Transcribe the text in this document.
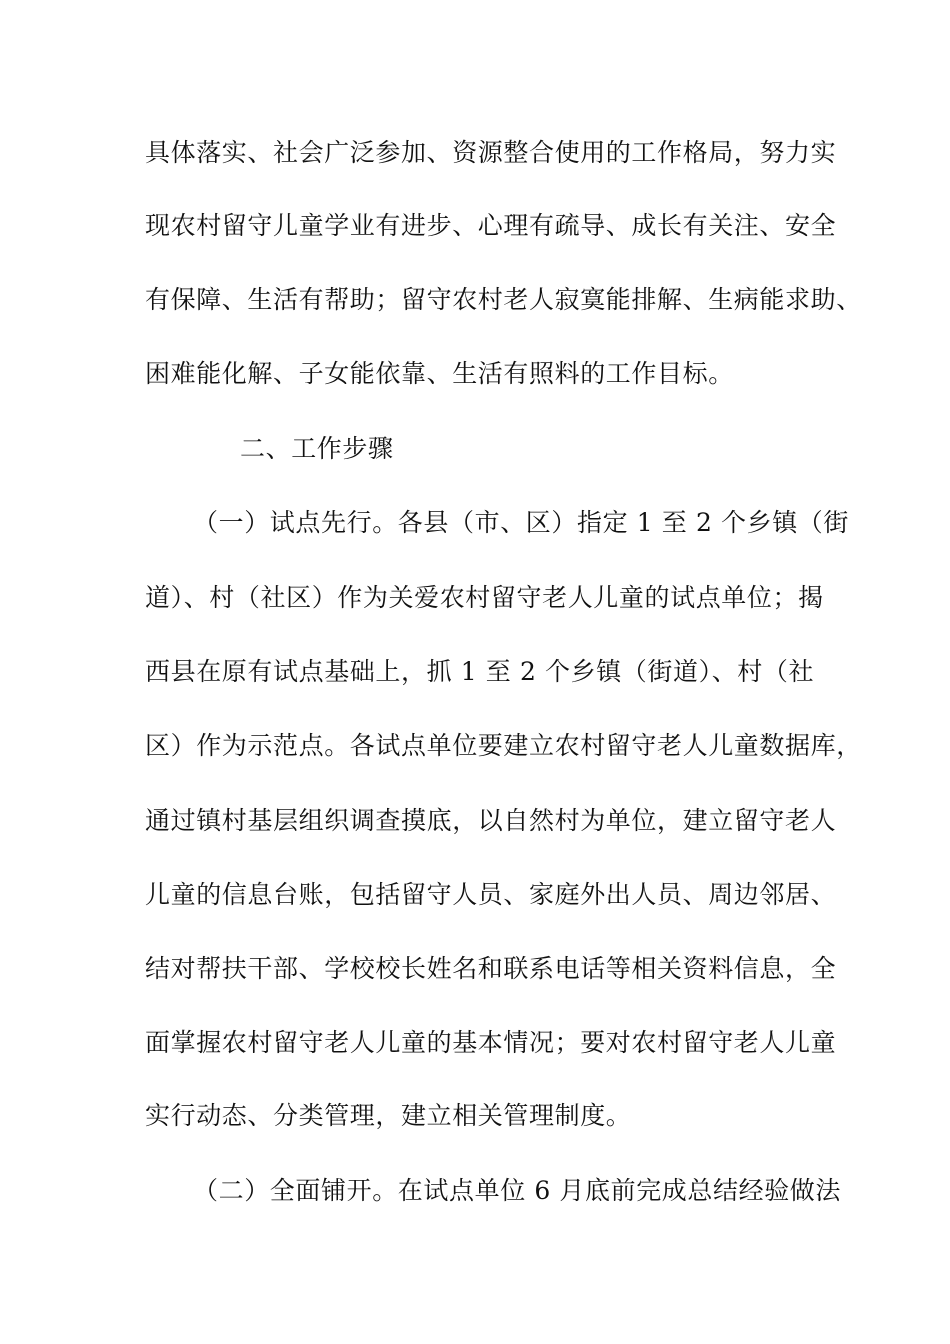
具体落实、社会广泛参加、资源整合使用的工作格局，努力实
现农村留守儿童学业有进步、心理有疏导、成长有关注、安全
有保障、生活有帮助；留守农村老人寂寞能排解、生病能求助、
困难能化解、子女能依靠、生活有照料的工作目标。
二、工作步骤
（一）试点先行。各县（市、区）指定 1 至 2 个乡镇（街
道）、村（社区）作为关爱农村留守老人儿童的试点单位；揭
西县在原有试点基础上，抓 1 至 2 个乡镇（街道）、村（社
区）作为示范点。各试点单位要建立农村留守老人儿童数据库，
通过镇村基层组织调查摸底，以自然村为单位，建立留守老人
儿童的信息台账，包括留守人员、家庭外出人员、周边邻居、
结对帮扶干部、学校校长姓名和联系电话等相关资料信息，全
面掌握农村留守老人儿童的基本情况；要对农村留守老人儿童
实行动态、分类管理，建立相关管理制度。
（二）全面铺开。在试点单位 6 月底前完成总结经验做法
